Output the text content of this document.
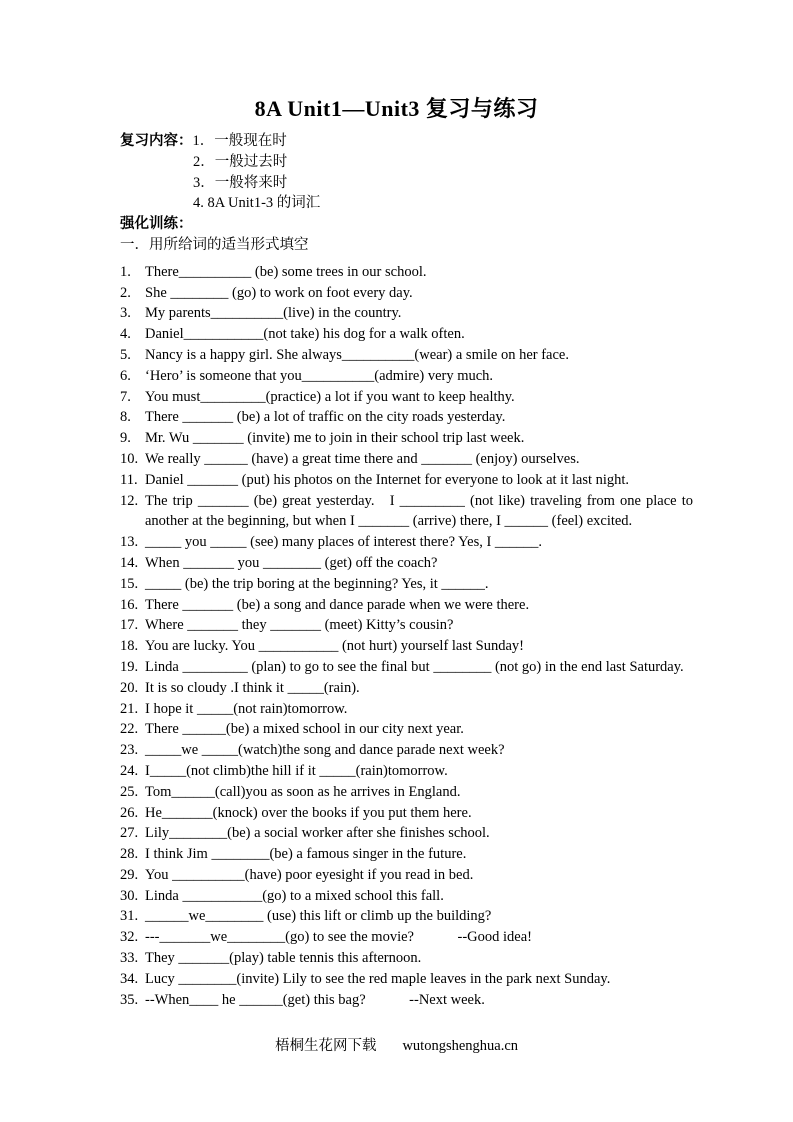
8A Unit1—Unit3 复习与练习
复习内容： 1．一般现在时
2．一般过去时
3．一般将来时
4. 8A Unit1-3 的词汇
强化训练：
一．用所给词的适当形式填空
1. There__________ (be) some trees in our school.
2. She ________ (go) to work on foot every day.
3. My parents__________(live) in the country.
4. Daniel___________(not take) his dog for a walk often.
5. Nancy is a happy girl. She always__________(wear) a smile on her face.
6. ‘Hero’ is someone that you__________(admire) very much.
7. You must_________(practice) a lot if you want to keep healthy.
8. There _______ (be) a lot of traffic on the city roads yesterday.
9. Mr. Wu _______ (invite) me to join in their school trip last week.
10. We really ______ (have) a great time there and _______ (enjoy) ourselves.
11. Daniel _______ (put) his photos on the Internet for everyone to look at it last night.
12. The trip _______ (be) great yesterday.   I _________ (not like) traveling from one place to another at the beginning, but when I _______ (arrive) there, I ______ (feel) excited.
13. _____ you _____ (see) many places of interest there? Yes, I ______.
14. When _______ you ________ (get) off the coach?
15. _____ (be) the trip boring at the beginning? Yes, it ______.
16. There _______ (be) a song and dance parade when we were there.
17. Where _______ they _______ (meet) Kitty’s cousin?
18. You are lucky. You ___________ (not hurt) yourself last Sunday!
19. Linda _________ (plan) to go to see the final but ________ (not go) in the end last Saturday.
20. It is so cloudy .I think it _____(rain).
21. I hope it _____(not rain)tomorrow.
22. There ______(be) a mixed school in our city next year.
23. _____we _____(watch)the song and dance parade next week?
24. I_____(not climb)the hill if it _____(rain)tomorrow.
25. Tom______(call)you as soon as he arrives in England.
26. He_______(knock) over the books if you put them here.
27. Lily________(be) a social worker after she finishes school.
28. I think Jim ________(be) a famous singer in the future.
29. You __________(have) poor eyesight if you read in bed.
30. Linda ___________(go) to a mixed school this fall.
31. ______we________ (use) this lift or climb up the building?
32. ---_______we________(go) to see the movie?            --Good idea!
33. They _______(play) table tennis this afternoon.
34. Lucy ________(invite) Lily to see the red maple leaves in the park next Sunday.
35. --When____ he ______(get) this bag?            --Next week.
梧桐生花网下载 wutongshenghua.cn
